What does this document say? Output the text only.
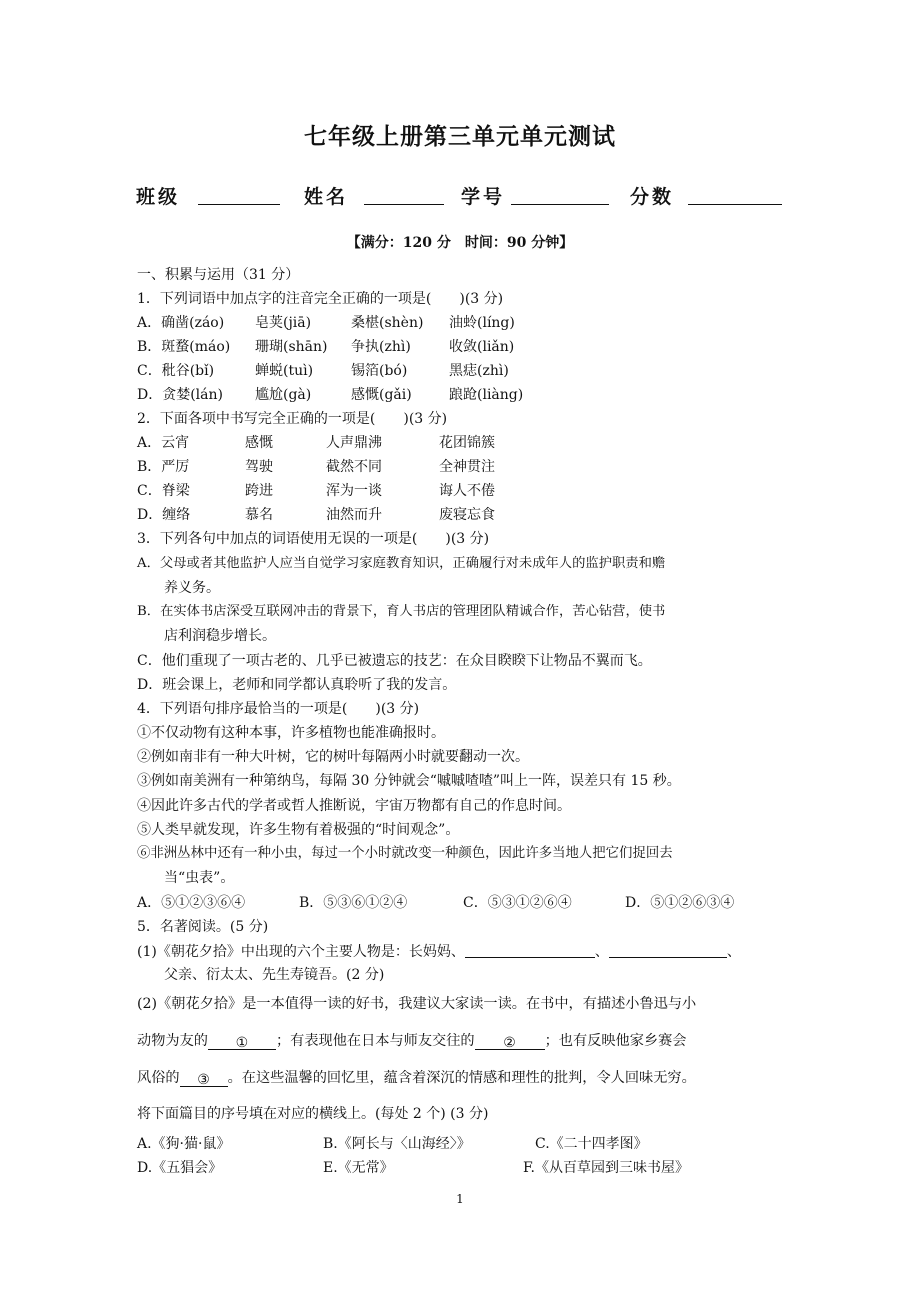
七年级上册第三单元单元测试
班级	姓名	学号	分数
【满分：120 分　时间：90 分钟】
一、积累与运用（31 分）
1．下列词语中加点字的注音完全正确的一项是(　　)(3 分)
A．确凿(záo) 皂荚(jiā)	桑椹(shèn) 油蛉(líng)
B．斑蝥(máo) 珊瑚(shān) 争执(zhì)	收敛(liǎn)
C．秕谷(bǐ)	蝉蜕(tuì)	锡箔(bó)	黑痣(zhì)
D．贪婪(lán) 尴尬(gà)	感慨(gǎi)	踉跄(liàng)
2．下面各项中书写完全正确的一项是(　　)(3 分)
A．云宵	感慨	人声鼎沸	花团锦簇
B．严厉	驾驶	截然不同	全神贯注
C．脊梁	跨进	浑为一谈	诲人不倦
D．缠络	慕名	油然而升	废寝忘食
3．下列各句中加点的词语使用无误的一项是(　　)(3 分)
A．父母或者其他监护人应当自觉学习家庭教育知识，正确履行对未成年人的监护职责和赡
养义务。
B．在实体书店深受互联网冲击的背景下，育人书店的管理团队精诚合作，苦心钻营，使书
店利润稳步增长。
C．他们重现了一项古老的、几乎已被遗忘的技艺：在众目睽睽下让物品不翼而飞。
D．班会课上，老师和同学都认真聆听了我的发言。
4．下列语句排序最恰当的一项是(　　)(3 分)
①不仅动物有这种本事，许多植物也能准确报时。
②例如南非有一种大叶树，它的树叶每隔两小时就要翻动一次。
③例如南美洲有一种第纳鸟，每隔 30 分钟就会“嘁嘁喳喳”叫上一阵，误差只有 15 秒。
④因此许多古代的学者或哲人推断说，宇宙万物都有自己的作息时间。
⑤人类早就发现，许多生物有着极强的“时间观念”。
⑥非洲丛林中还有一种小虫，每过一个小时就改变一种颜色，因此许多当地人把它们捉回去
当“虫表”。
A．⑤①②③⑥④	B．⑤③⑥①②④	C．⑤③①②⑥④	D．⑤①②⑥③④
5．名著阅读。(5 分)
(1)《朝花夕拾》中出现的六个主要人物是：长妈妈、	、	、
父亲、衍太太、先生寿镜吾。(2 分)
(2)《朝花夕拾》是一本值得一读的好书，我建议大家读一读。在书中，有描述小鲁迅与小
动物为友的 ① ；有表现他在日本与师友交往的 ② ；也有反映他家乡赛会
风俗的 ③ 。在这些温馨的回忆里，蕴含着深沉的情感和理性的批判，令人回味无穷。
将下面篇目的序号填在对应的横线上。(每处 2 个) (3 分)
A.《狗·猫·鼠》	B.《阿长与〈山海经〉》	C.《二十四孝图》
D.《五猖会》	E.《无常》	F.《从百草园到三味书屋》
1
